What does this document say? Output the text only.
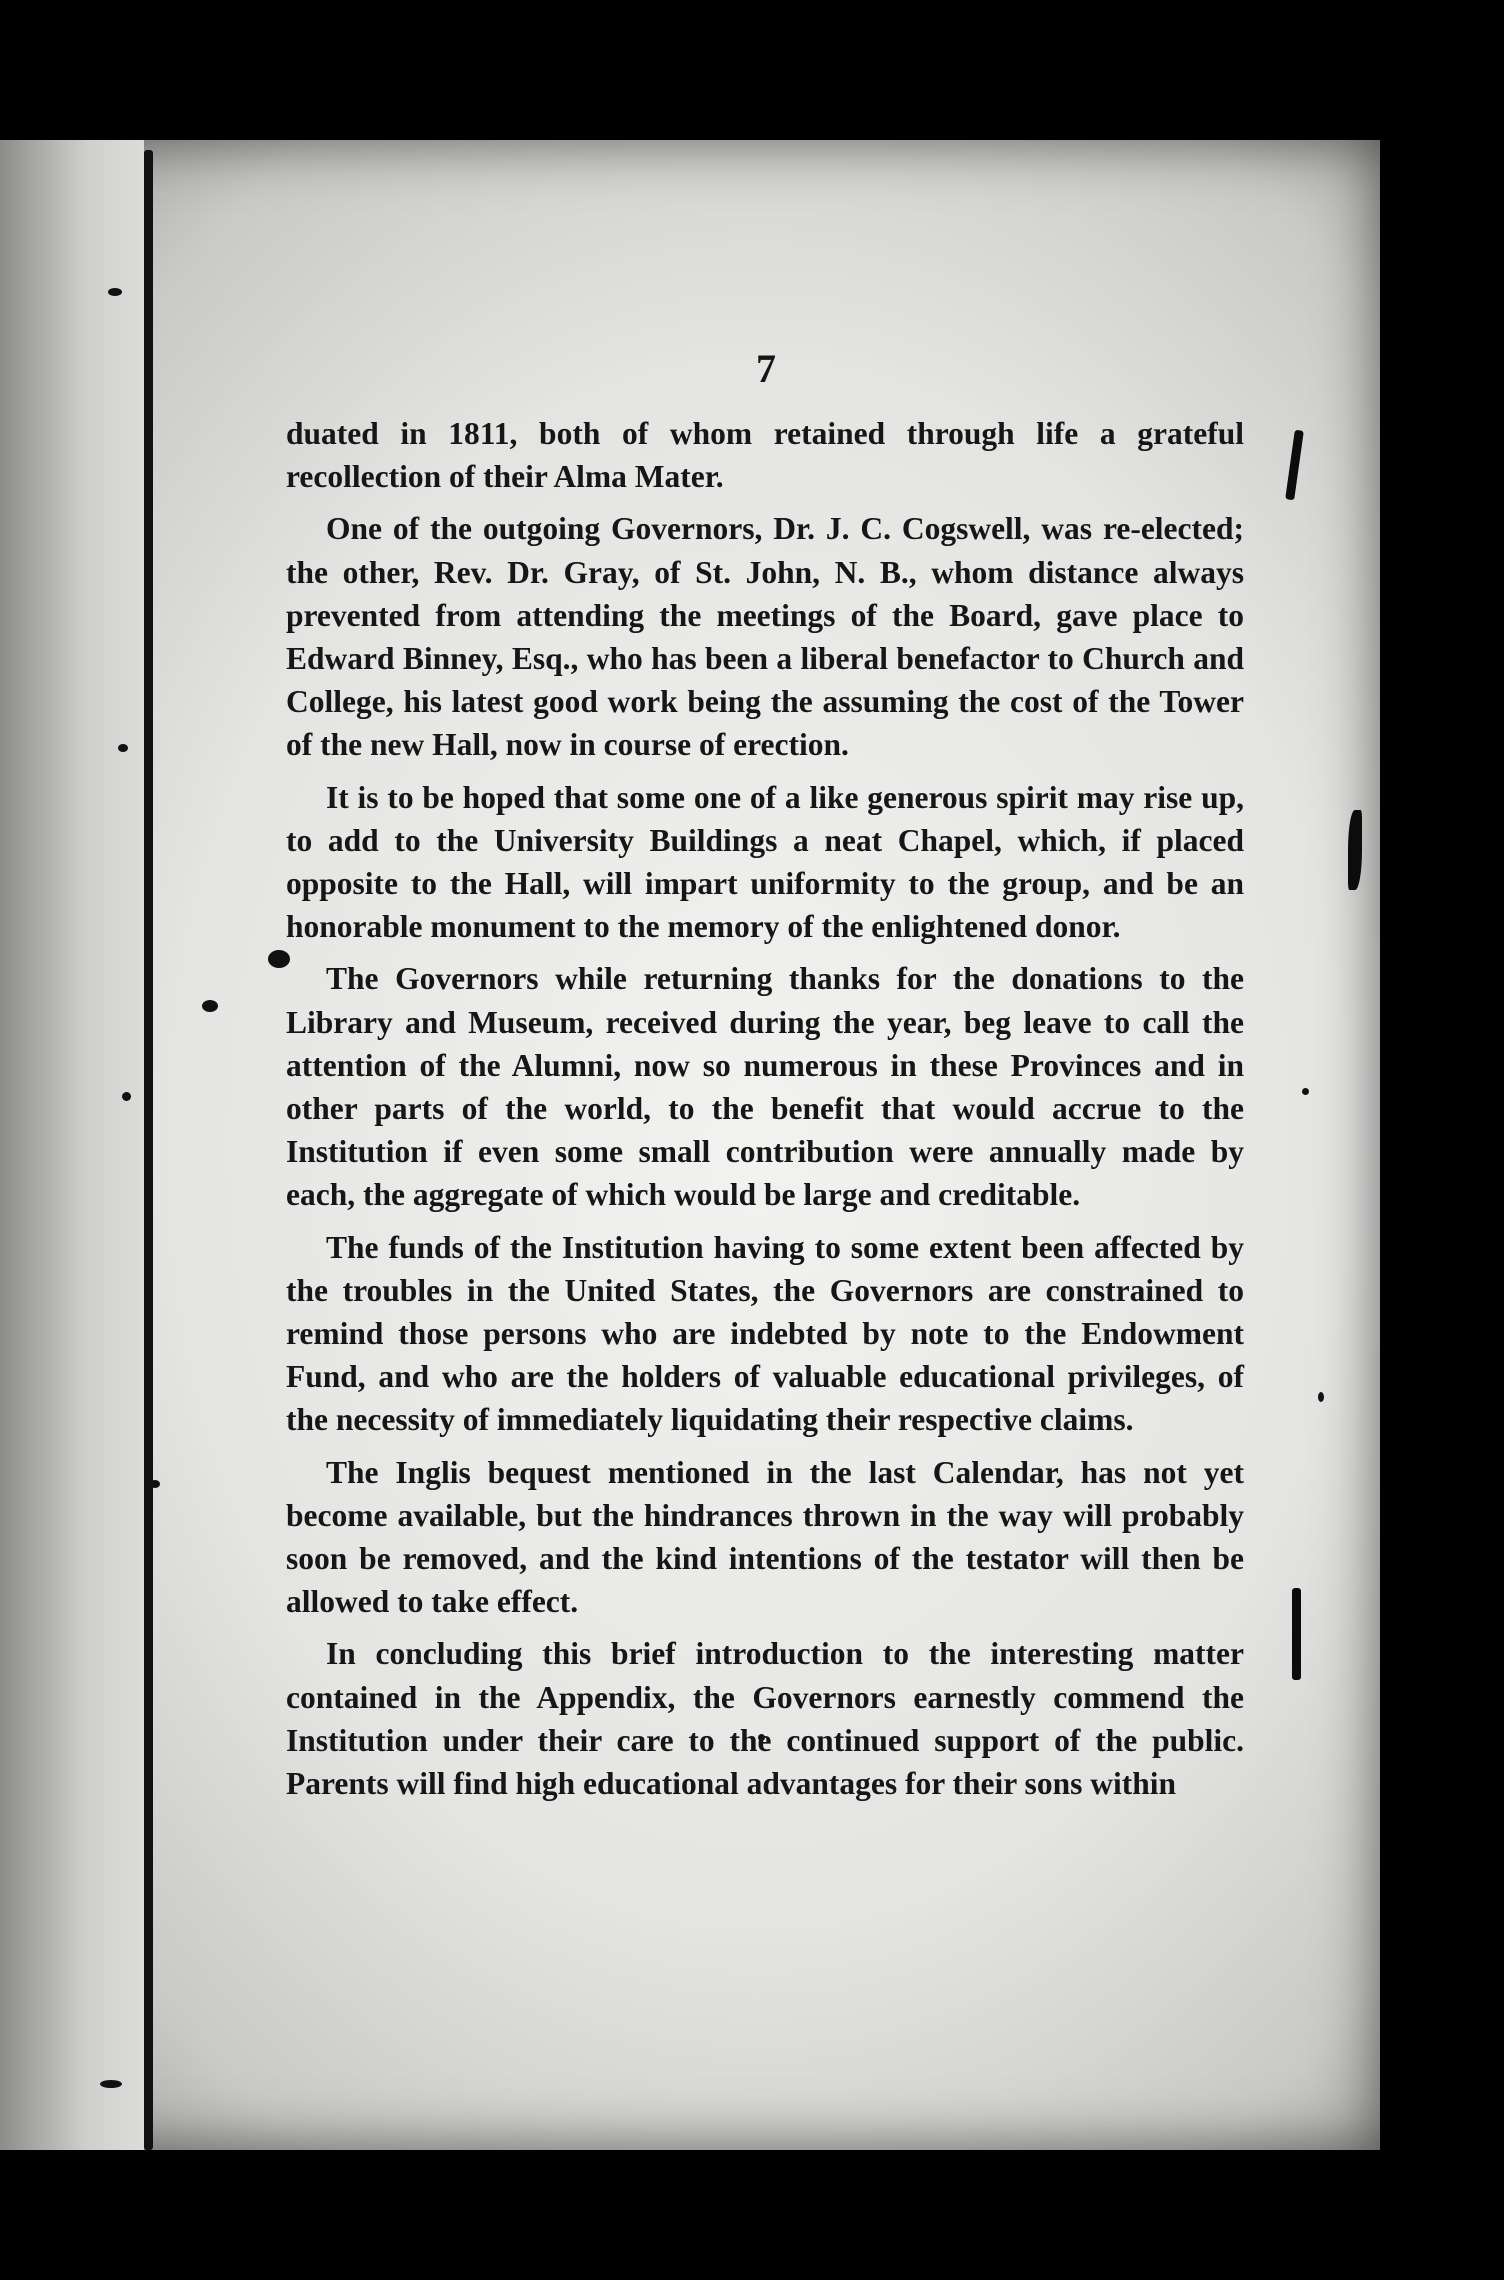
7

duated in 1811, both of whom retained through life a grateful recollection of their Alma Mater.

One of the outgoing Governors, Dr. J. C. Cogswell, was re-elected; the other, Rev. Dr. Gray, of St. John, N. B., whom distance always prevented from attending the meetings of the Board, gave place to Edward Binney, Esq., who has been a liberal benefactor to Church and College, his latest good work being the assuming the cost of the Tower of the new Hall, now in course of erection.

It is to be hoped that some one of a like generous spirit may rise up, to add to the University Buildings a neat Chapel, which, if placed opposite to the Hall, will impart uniformity to the group, and be an honorable monument to the memory of the enlightened donor.

The Governors while returning thanks for the donations to the Library and Museum, received during the year, beg leave to call the attention of the Alumni, now so numerous in these Provinces and in other parts of the world, to the benefit that would accrue to the Institution if even some small contribution were annually made by each, the aggregate of which would be large and creditable.

The funds of the Institution having to some extent been affected by the troubles in the United States, the Governors are constrained to remind those persons who are indebted by note to the Endowment Fund, and who are the holders of valuable educational privileges, of the necessity of immediately liquidating their respective claims.

The Inglis bequest mentioned in the last Calendar, has not yet become available, but the hindrances thrown in the way will probably soon be removed, and the kind intentions of the testator will then be allowed to take effect.

In concluding this brief introduction to the interesting matter contained in the Appendix, the Governors earnestly commend the Institution under their care to the continued support of the public. Parents will find high educational advantages for their sons within
